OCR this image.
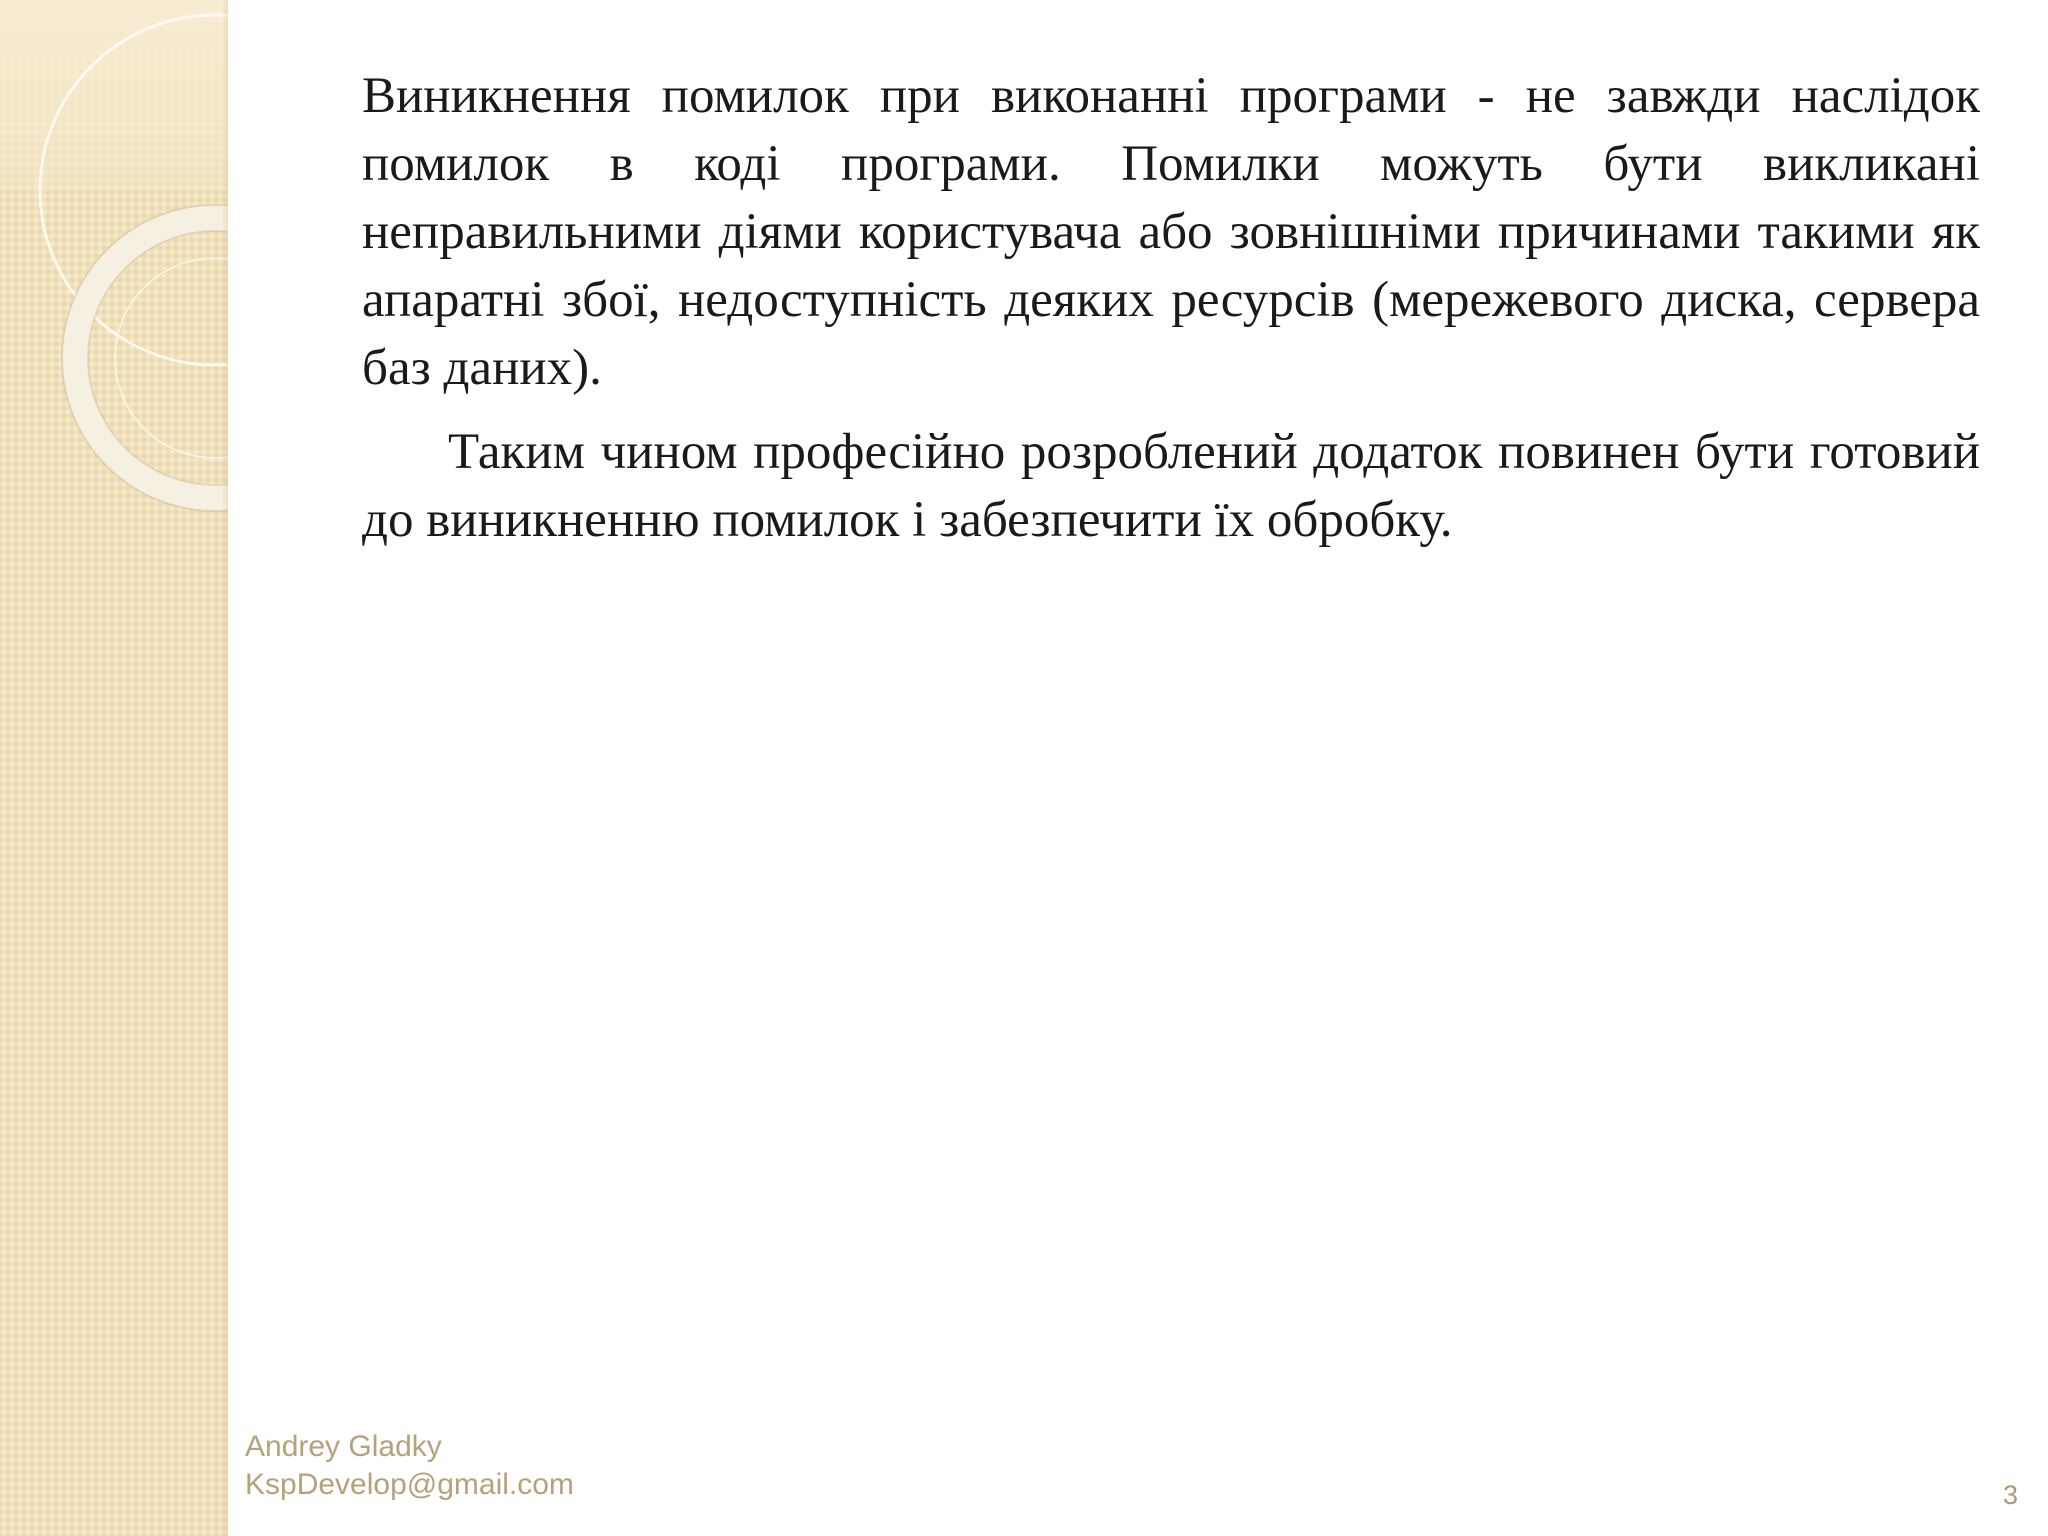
Виникнення помилок при виконанні програми - не завжди наслідок помилок в коді програми. Помилки можуть бути викликані неправильними діями користувача або зовнішніми причинами такими як апаратні збої, недоступність деяких ресурсів (мережевого диска, сервера баз даних).

Таким чином професійно розроблений додаток повинен бути готовий до виникненню помилок і забезпечити їх обробку.

Andrey Gladky
KspDevelop@gmail.com	3
